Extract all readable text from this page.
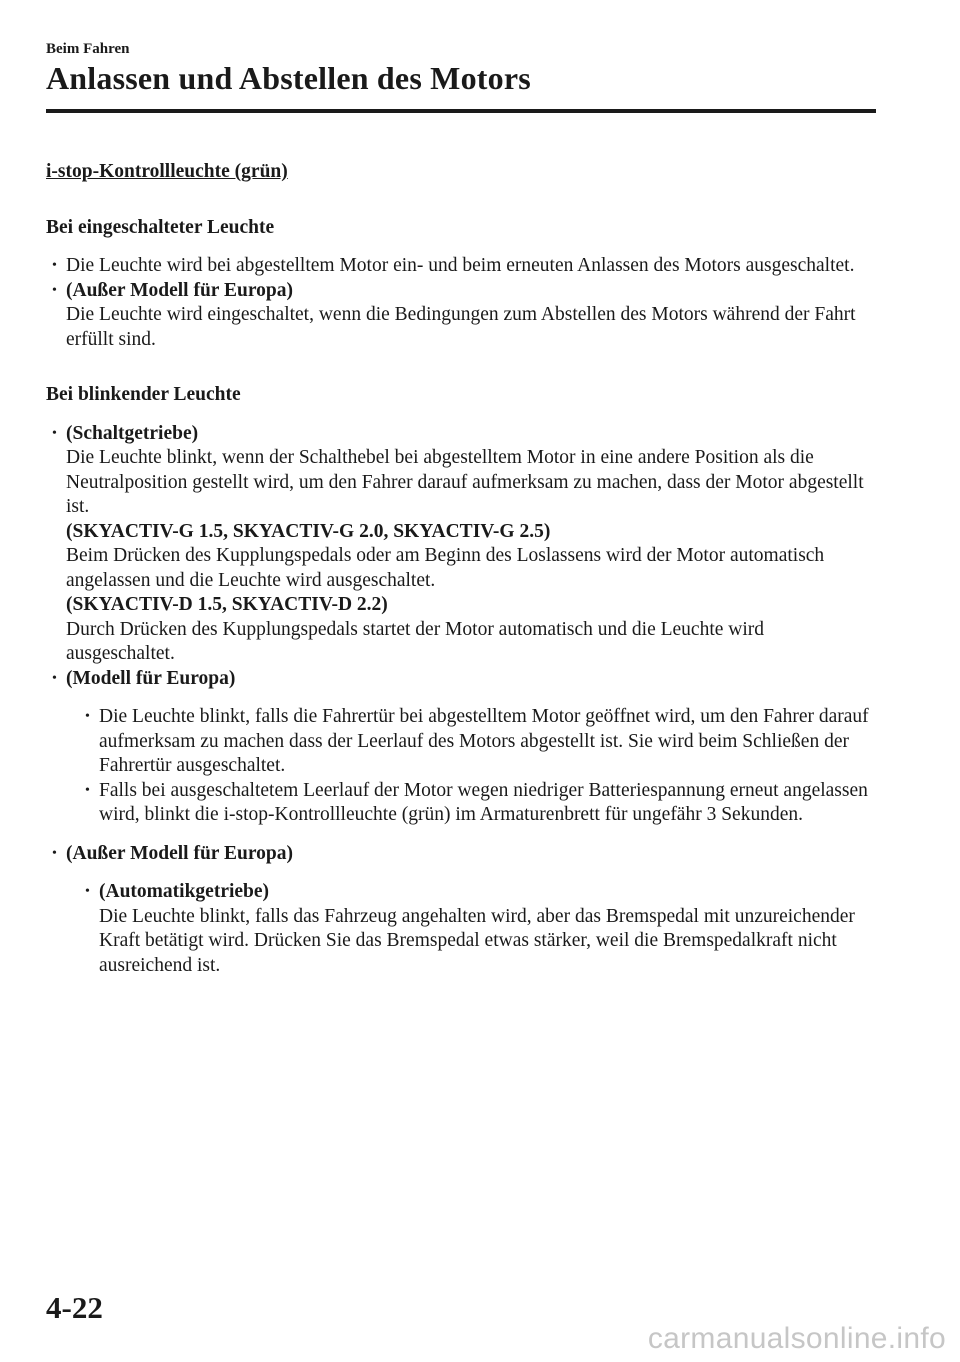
Beim Fahren
Anlassen und Abstellen des Motors
i-stop-Kontrollleuchte (grün)
Bei eingeschalteter Leuchte
• Die Leuchte wird bei abgestelltem Motor ein- und beim erneuten Anlassen des Motors ausgeschaltet.
• (Außer Modell für Europa)
Die Leuchte wird eingeschaltet, wenn die Bedingungen zum Abstellen des Motors während der Fahrt erfüllt sind.
Bei blinkender Leuchte
• (Schaltgetriebe)
Die Leuchte blinkt, wenn der Schalthebel bei abgestelltem Motor in eine andere Position als die Neutralposition gestellt wird, um den Fahrer darauf aufmerksam zu machen, dass der Motor abgestellt ist.
(SKYACTIV-G 1.5, SKYACTIV-G 2.0, SKYACTIV-G 2.5)
Beim Drücken des Kupplungspedals oder am Beginn des Loslassens wird der Motor automatisch angelassen und die Leuchte wird ausgeschaltet.
(SKYACTIV-D 1.5, SKYACTIV-D 2.2)
Durch Drücken des Kupplungspedals startet der Motor automatisch und die Leuchte wird ausgeschaltet.
• (Modell für Europa)
• Die Leuchte blinkt, falls die Fahrertür bei abgestelltem Motor geöffnet wird, um den Fahrer darauf aufmerksam zu machen dass der Leerlauf des Motors abgestellt ist. Sie wird beim Schließen der Fahrertür ausgeschaltet.
• Falls bei ausgeschaltetem Leerlauf der Motor wegen niedriger Batteriespannung erneut angelassen wird, blinkt die i-stop-Kontrollleuchte (grün) im Armaturenbrett für ungefähr 3 Sekunden.
• (Außer Modell für Europa)
• (Automatikgetriebe)
Die Leuchte blinkt, falls das Fahrzeug angehalten wird, aber das Bremspedal mit unzureichender Kraft betätigt wird. Drücken Sie das Bremspedal etwas stärker, weil die Bremspedalkraft nicht ausreichend ist.
4-22
carmanualsonline.info
